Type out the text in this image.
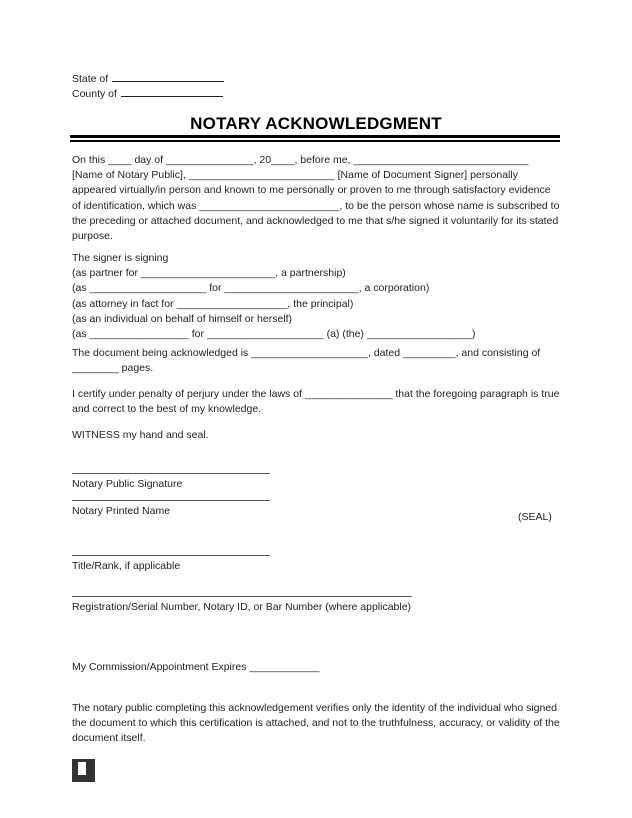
State of
County of
NOTARY ACKNOWLEDGMENT
On this ____ day of _______________, 20____, before me, ______________________________ [Name of Notary Public], _________________________ [Name of Document Signer] personally appeared virtually/in person and known to me personally or proven to me through satisfactory evidence of identification, which was ________________________, to be the person whose name is subscribed to the preceding or attached document, and acknowledged to me that s/he signed it voluntarily for its stated purpose.
The signer is signing
(as partner for _______________________, a partnership)
(as ____________________ for _______________________, a corporation)
(as attorney in fact for ___________________, the principal)
(as an individual on behalf of himself or herself)
(as _________________ for ____________________ (a) (the) __________________)
The document being acknowledged is ____________________, dated _________, and consisting of ________ pages.
I certify under penalty of perjury under the laws of _______________ that the foregoing paragraph is true and correct to the best of my knowledge.
WITNESS my hand and seal.
Notary Public Signature
Notary Printed Name
Title/Rank, if applicable
Registration/Serial Number, Notary ID, or Bar Number (where applicable)
(SEAL)
My Commission/Appointment Expires ____________
The notary public completing this acknowledgement verifies only the identity of the individual who signed the document to which this certification is attached, and not to the truthfulness, accuracy, or validity of the document itself.
